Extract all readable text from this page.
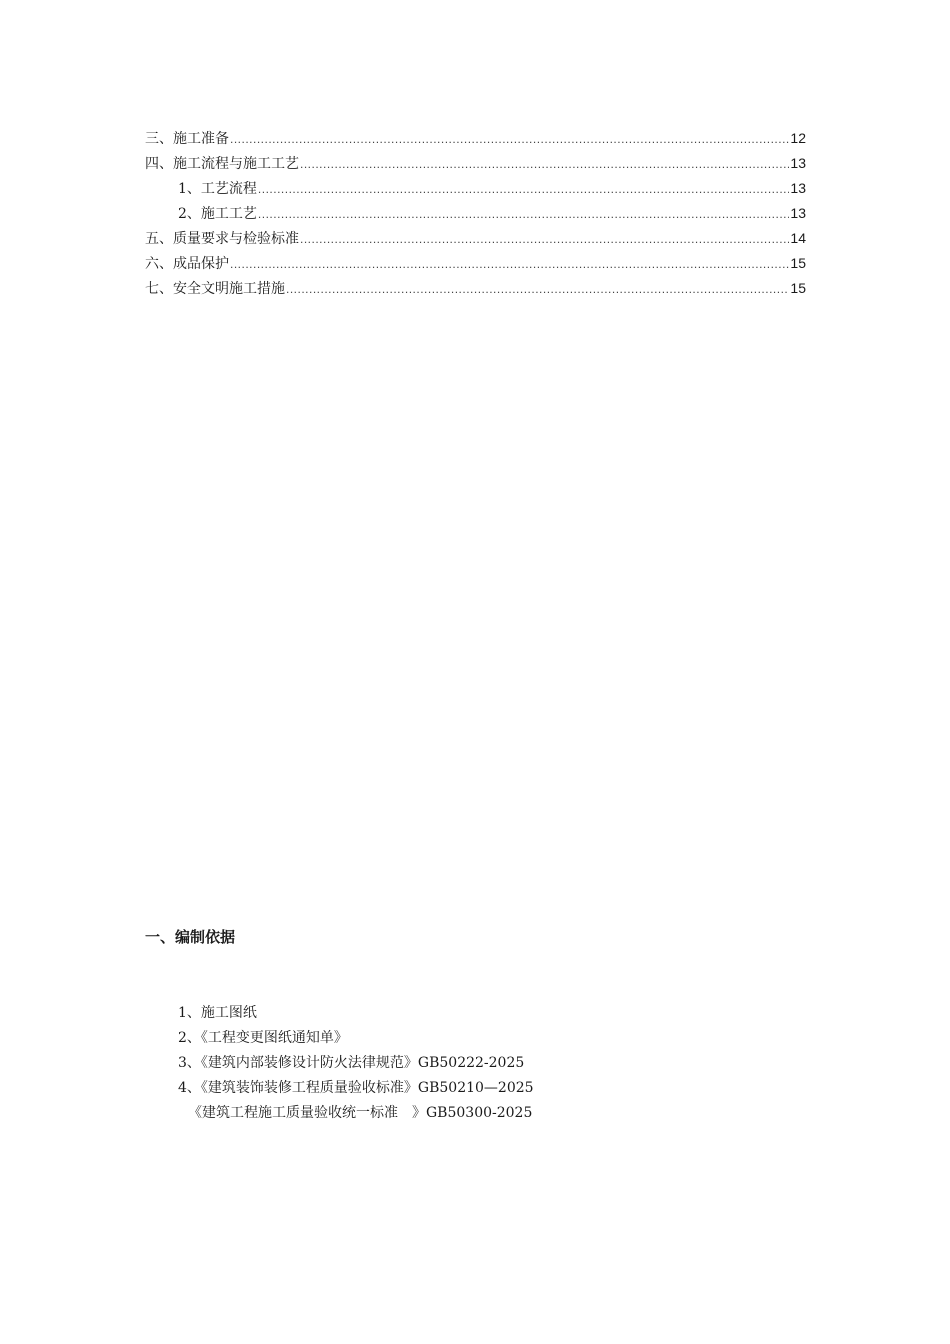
三、施工准备 .....	12
四、施工流程与施工工艺 .....	13
1、工艺流程 .....	13
2、施工工艺 .....	13
五、质量要求与检验标准 .....	14
六、成品保护 .....	15
七、安全文明施工措施 .....	15
一、编制依据
1、施工图纸
2、《工程变更图纸通知单》
3、《建筑内部装修设计防火法律规范》GB50222-2025
4、《建筑装饰装修工程质量验收标准》GB50210—2025
《建筑工程施工质量验收统一标准　》GB50300-2025
